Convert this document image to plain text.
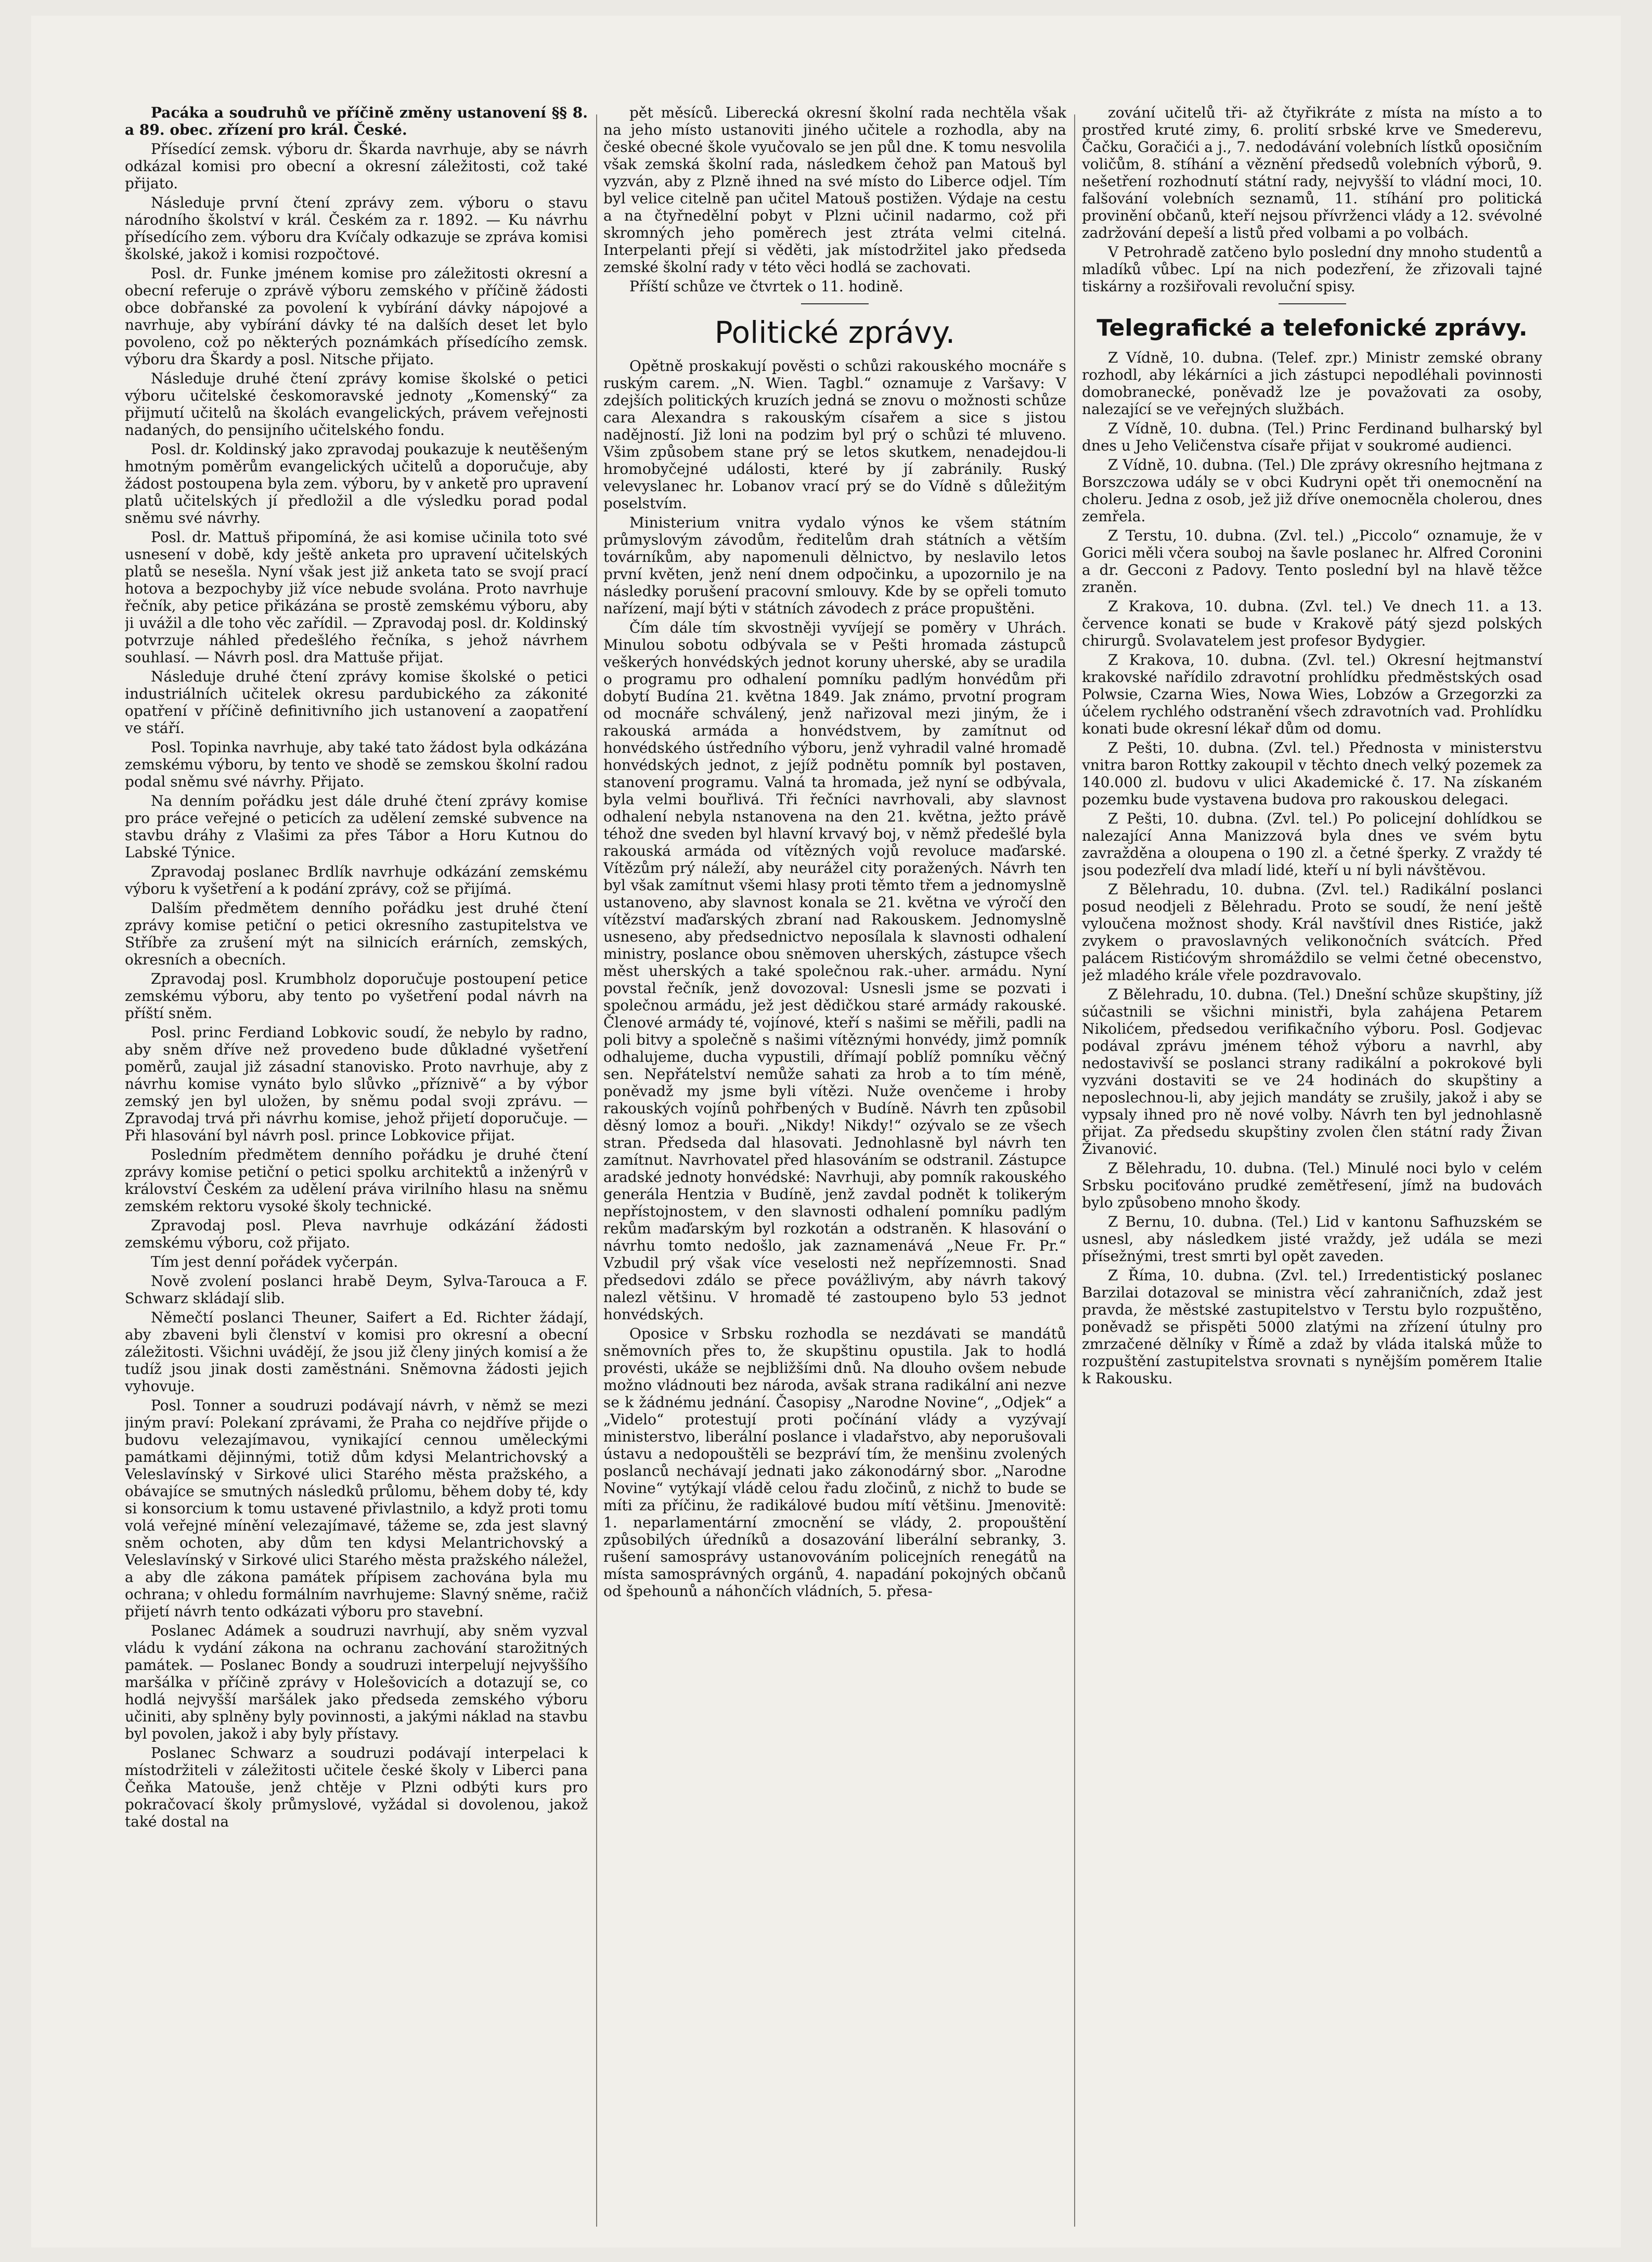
Pacáka a soudruhů ve příčině změny ustanovení §§ 8. a 89. obec. zřízení pro král. České.

Přísedící zemsk. výboru dr. Škarda navrhuje, aby se návrh odkázal komisi pro obecní a okresní záležitosti, což také přijato.

Následuje první čtení zprávy zem. výboru o stavu národního školství v král. Českém za r. 1892. — Ku návrhu přísedícího zem. výboru dra Kvíčaly odkazuje se zpráva komisi školské, jakož i komisi rozpočtové.

Posl. dr. Funke jménem komise pro záležitosti okresní a obecní referuje o zprávě výboru zemského v příčině žádosti obce dobřanské za povolení k vybírání dávky nápojové a navrhuje, aby vybírání dávky té na dalších deset let bylo povoleno, což po některých poznámkách přísedícího zemsk. výboru dra Škardy a posl. Nitsche přijato.

Následuje druhé čtení zprávy komise školské o petici výboru učitelské českomoravské jednoty „Komenský“ za přijmutí učitelů na školách evangelických, právem veřejnosti nadaných, do pensijního učitelského fondu.

Posl. dr. Koldinský jako zpravodaj poukazuje k neutěšeným hmotným poměrům evangelických učitelů a doporučuje, aby žádost postoupena byla zem. výboru, by v anketě pro upravení platů učitelských jí předložil a dle výsledku porad podal sněmu své návrhy.

Posl. dr. Mattuš připomíná, že asi komise učinila toto své usnesení v době, kdy ještě anketa pro upravení učitelských platů se nesešla. Nyní však jest již anketa tato se svojí prací hotova a bezpochyby již více nebude svolána. Proto navrhuje řečník, aby petice přikázána se prostě zemskému výboru, aby ji uvážil a dle toho věc zařídil. — Zpravodaj posl. dr. Koldinský potvrzuje náhled předešlého řečníka, s jehož návrhem souhlasí. — Návrh posl. dra Mattuše přijat.

Následuje druhé čtení zprávy komise školské o petici industriálních učitelek okresu pardubického za zákonité opatření v příčině definitivního jich ustanovení a zaopatření ve stáří.

Posl. Topinka navrhuje, aby také tato žádost byla odkázána zemskému výboru, by tento ve shodě se zemskou školní radou podal sněmu své návrhy. Přijato.

Na denním pořádku jest dále druhé čtení zprávy komise pro práce veřejné o peticích za udělení zemské subvence na stavbu dráhy z Vlašimi za přes Tábor a Horu Kutnou do Labské Týnice.

Zpravodaj poslanec Brdlík navrhuje odkázání zemskému výboru k vyšetření a k podání zprávy, což se přijímá.

Dalším předmětem denního pořádku jest druhé čtení zprávy komise petiční o petici okresního zastupitelstva ve Stříbře za zrušení mýt na silnicích erárních, zemských, okresních a obecních.

Zpravodaj posl. Krumbholz doporučuje postoupení petice zemskému výboru, aby tento po vyšetření podal návrh na příští sněm.

Posl. princ Ferdiand Lobkovic soudí, že nebylo by radno, aby sněm dříve než provedeno bude důkladné vyšetření poměrů, zaujal již zásadní stanovisko. Proto navrhuje, aby z návrhu komise vynáto bylo slůvko „příznivě“ a by výbor zemský jen byl uložen, by sněmu podal svoji zprávu. — Zpravodaj trvá při návrhu komise, jehož přijetí doporučuje. — Při hlasování byl návrh posl. prince Lobkovice přijat.

Posledním předmětem denního pořádku je druhé čtení zprávy komise petiční o petici spolku architektů a inženýrů v království Českém za udělení práva virilního hlasu na sněmu zemském rektoru vysoké školy technické.

Zpravodaj posl. Pleva navrhuje odkázání žádosti zemskému výboru, což přijato.

Tím jest denní pořádek vyčerpán.

Nově zvolení poslanci hrabě Deym, Sylva-Tarouca a F. Schwarz skládají slib.

Němečtí poslanci Theuner, Saifert a Ed. Richter žádají, aby zbaveni byli členství v komisi pro okresní a obecní záležitosti. Všichni uvádějí, že jsou již členy jiných komisí a že tudíž jsou jinak dosti zaměstnáni. Sněmovna žádosti jejich vyhovuje.

Posl. Tonner a soudruzi podávají návrh, v němž se mezi jiným praví: Polekaní zprávami, že Praha co nejdříve přijde o budovu velezajímavou, vynikající cennou uměleckými památkami dějinnými, totiž dům kdysi Melantrichovský a Veleslavínský v Sirkové ulici Starého města pražského, a obávajíce se smutných následků průlomu, během doby té, kdy si konsorcium k tomu ustavené přivlastnilo, a když proti tomu volá veřejné mínění velezajímavé, tážeme se, zda jest slavný sněm ochoten, aby dům ten kdysi Melantrichovský a Veleslavínský v Sirkové ulici Starého města pražského náležel, a aby dle zákona památek přípisem zachována byla mu ochrana; v ohledu formálním navrhujeme: Slavný sněme, račiž přijetí návrh tento odkázati výboru pro stavební.

Poslanec Adámek a soudruzi navrhují, aby sněm vyzval vládu k vydání zákona na ochranu zachování starožitných památek. — Poslanec Bondy a soudruzi interpelují nejvyššího maršálka v příčině zprávy v Holešovicích a dotazují se, co hodlá nejvyšší maršálek jako předseda zemského výboru učiniti, aby splněny byly povinnosti, a jakými náklad na stavbu byl povolen, jakož i aby byly přístavy.

Poslanec Schwarz a soudruzi podávají interpelaci k místodržiteli v záležitosti učitele české školy v Liberci pana Čeňka Matouše, jenž chtěje v Plzni odbýti kurs pro pokračovací školy průmyslové, vyžádal si dovolenou, jakož také dostal na

pět měsíců. Liberecká okresní školní rada nechtěla však na jeho místo ustanoviti jiného učitele a rozhodla, aby na české obecné škole vyučovalo se jen půl dne. K tomu nesvolila však zemská školní rada, následkem čehož pan Matouš byl vyzván, aby z Plzně ihned na své místo do Liberce odjel. Tím byl velice citelně pan učitel Matouš postižen. Výdaje na cestu a na čtyřnedělní pobyt v Plzni učinil nadarmo, což při skromných jeho poměrech jest ztráta velmi citelná. Interpelanti přejí si věděti, jak místodržitel jako předseda zemské školní rady v této věci hodlá se zachovati.

Příští schůze ve čtvrtek o 11. hodině.

Politické zprávy.

Opětně proskakují pověsti o schůzi rakouského mocnáře s ruským carem. „N. Wien. Tagbl.“ oznamuje z Varšavy: V zdejších politických kruzích jedná se znovu o možnosti schůze cara Alexandra s rakouským císařem a sice s jistou nadějností. Již loni na podzim byl prý o schůzi té mluveno. Všim způsobem stane prý se letos skutkem, nenadejdou-li hromobyčejné události, které by jí zabránily. Ruský velevyslanec hr. Lobanov vrací prý se do Vídně s důležitým poselstvím.

Ministerium vnitra vydalo výnos ke všem státním průmyslovým závodům, ředitelům drah státních a větším továrníkům, aby napomenuli dělnictvo, by neslavilo letos první květen, jenž není dnem odpočinku, a upozornilo je na následky porušení pracovní smlouvy. Kde by se opřeli tomuto nařízení, mají býti v státních závodech z práce propuštěni.

Čím dále tím skvostněji vyvíjejí se poměry v Uhrách. Minulou sobotu odbývala se v Pešti hromada zástupců veškerých honvédských jednot koruny uherské, aby se uradila o programu pro odhalení pomníku padlým honvédům při dobytí Budína 21. května 1849. Jak známo, prvotní program od mocnáře schválený, jenž nařizoval mezi jiným, že i rakouská armáda a honvédstvem, by zamítnut od honvédského ústředního výboru, jenž vyhradil valné hromadě honvédských jednot, z jejíž podnětu pomník byl postaven, stanovení programu. Valná ta hromada, jež nyní se odbývala, byla velmi bouřlivá. Tři řečníci navrhovali, aby slavnost odhalení nebyla nstanovena na den 21. května, ježto právě téhož dne sveden byl hlavní krvavý boj, v němž předešlé byla rakouská armáda od vítězných vojů revoluce maďarské. Vítězům prý náleží, aby neurážel city poražených. Návrh ten byl však zamítnut všemi hlasy proti těmto třem a jednomyslně ustanoveno, aby slavnost konala se 21. května ve výročí den vítězství maďarských zbraní nad Rakouskem. Jednomyslně usneseno, aby předsednictvo neposílala k slavnosti odhalení ministry, poslance obou sněmoven uherských, zástupce všech měst uherských a také společnou rak.-uher. armádu. Nyní povstal řečník, jenž dovozoval: Usnesli jsme se pozvati i společnou armádu, jež jest dědičkou staré armády rakouské. Členové armády té, vojínové, kteří s našimi se měřili, padli na poli bitvy a společně s našimi vítěznými honvédy, jimž pomník odhalujeme, ducha vypustili, dřímají poblíž pomníku věčný sen. Nepřátelství nemůže sahati za hrob a to tím méně, poněvadž my jsme byli vítězi. Nuže ovenčeme i hroby rakouských vojínů pohřbených v Budíně. Návrh ten způsobil děsný lomoz a bouři. „Nikdy! Nikdy!“ ozývalo se ze všech stran. Předseda dal hlasovati. Jednohlasně byl návrh ten zamítnut. Navrhovatel před hlasováním se odstranil. Zástupce aradské jednoty honvédské: Navrhuji, aby pomník rakouského generála Hentzia v Budíně, jenž zavdal podnět k tolikerým nepřístojnostem, v den slavnosti odhalení pomníku padlým rekům maďarským byl rozkotán a odstraněn. K hlasování o návrhu tomto nedošlo, jak zaznamenává „Neue Fr. Pr.“ Vzbudil prý však více veselosti než nepřízemnosti. Snad předsedovi zdálo se přece povážlivým, aby návrh takový nalezl většinu. V hromadě té zastoupeno bylo 53 jednot honvédských.

Oposice v Srbsku rozhodla se nezdávati se mandátů sněmovních přes to, že skupštinu opustila. Jak to hodlá provésti, ukáže se nejbližšími dnů. Na dlouho ovšem nebude možno vládnouti bez národa, avšak strana radikální ani nezve se k žádnému jednání. Časopisy „Narodne Novine“, „Odjek“ a „Videlo“ protestují proti počínání vlády a vyzývají ministerstvo, liberální poslance i vladařstvo, aby neporušovali ústavu a nedopouštěli se bezpráví tím, že menšinu zvolených poslanců nechávají jednati jako zákonodárný sbor. „Narodne Novine“ vytýkají vládě celou řadu zločinů, z nichž to bude se míti za příčinu, že radikálové budou mítí většinu. Jmenovitě: 1. neparlamentární zmocnění se vlády, 2. propouštění způsobilých úředníků a dosazování liberální sebranky, 3. rušení samosprávy ustanovováním policejních renegátů na místa samosprávných orgánů, 4. napadání pokojných občanů od špehounů a náhončích vládních, 5. přesa-

zování učitelů tři- až čtyřikráte z místa na místo a to prostřed kruté zimy, 6. prolití srbské krve ve Smederevu, Čačku, Goračići a j., 7. nedodávání volebních lístků oposičním voličům, 8. stíhání a věznění předsedů volebních výborů, 9. nešetření rozhodnutí státní rady, nejvyšší to vládní moci, 10. falšování volebních seznamů, 11. stíhání pro politická provinění občanů, kteří nejsou přívrženci vlády a 12. svévolné zadržování depeší a listů před volbami a po volbách.

V Petrohradě zatčeno bylo poslední dny mnoho studentů a mladíků vůbec. Lpí na nich podezření, že zřizovali tajné tiskárny a rozšiřovali revoluční spisy.

Telegrafické a telefonické zprávy.

Z Vídně, 10. dubna. (Telef. zpr.) Ministr zemské obrany rozhodl, aby lékárníci a jich zástupci nepodléhali povinnosti domobranecké, poněvadž lze je považovati za osoby, nalezající se ve veřejných službách.

Z Vídně, 10. dubna. (Tel.) Princ Ferdinand bulharský byl dnes u Jeho Veličenstva císaře přijat v soukromé audienci.

Z Vídně, 10. dubna. (Tel.) Dle zprávy okresního hejtmana z Borszczowa udály se v obci Kudryni opět tři onemocnění na choleru. Jedna z osob, jež již dříve onemocněla cholerou, dnes zemřela.

Z Terstu, 10. dubna. (Zvl. tel.) „Piccolo“ oznamuje, že v Gorici měli včera souboj na šavle poslanec hr. Alfred Coronini a dr. Gecconi z Padovy. Tento poslední byl na hlavě těžce zraněn.

Z Krakova, 10. dubna. (Zvl. tel.) Ve dnech 11. a 13. července konati se bude v Krakově pátý sjezd polských chirurgů. Svolavatelem jest profesor Bydygier.

Z Krakova, 10. dubna. (Zvl. tel.) Okresní hejtmanství krakovské nařídilo zdravotní prohlídku předměstských osad Polwsie, Czarna Wies, Nowa Wies, Lobzów a Grzegorzki za účelem rychlého odstranění všech zdravotních vad. Prohlídku konati bude okresní lékař dům od domu.

Z Pešti, 10. dubna. (Zvl. tel.) Přednosta v ministerstvu vnitra baron Rottky zakoupil v těchto dnech velký pozemek za 140.000 zl. budovu v ulici Akademické č. 17. Na získaném pozemku bude vystavena budova pro rakouskou delegaci.

Z Pešti, 10. dubna. (Zvl. tel.) Po policejní dohlídkou se nalezající Anna Manizzová byla dnes ve svém bytu zavražděna a oloupena o 190 zl. a četné šperky. Z vraždy té jsou podezřelí dva mladí lidé, kteří u ní byli návštěvou.

Z Bělehradu, 10. dubna. (Zvl. tel.) Radikální poslanci posud neodjeli z Bělehradu. Proto se soudí, že není ještě vyloučena možnost shody. Král navštívil dnes Ristiće, jakž zvykem o pravoslavných velikonočních svátcích. Před palácem Ristićovým shromáždilo se velmi četné obecenstvo, jež mladého krále vřele pozdravovalo.

Z Bělehradu, 10. dubna. (Tel.) Dnešní schůze skupštiny, jíž súčastnili se všichni ministři, byla zahájena Petarem Nikolićem, předsedou verifikačního výboru. Posl. Godjevac podával zprávu jménem téhož výboru a navrhl, aby nedostavivší se poslanci strany radikální a pokrokové byli vyzváni dostaviti se ve 24 hodinách do skupštiny a neposlechnou-li, aby jejich mandáty se zrušily, jakož i aby se vypsaly ihned pro ně nové volby. Návrh ten byl jednohlasně přijat. Za předsedu skupštiny zvolen člen státní rady Živan Živanović.

Z Bělehradu, 10. dubna. (Tel.) Minulé noci bylo v celém Srbsku pociťováno prudké zemětřesení, jímž na budovách bylo způsobeno mnoho škody.

Z Bernu, 10. dubna. (Tel.) Lid v kantonu Safhuzském se usnesl, aby následkem jisté vraždy, jež udála se mezi přísežnými, trest smrti byl opět zaveden.

Z Říma, 10. dubna. (Zvl. tel.) Irredentistický poslanec Barzilai dotazoval se ministra věcí zahraničních, zdaž jest pravda, že městské zastupitelstvo v Terstu bylo rozpuštěno, poněvadž se přispěti 5000 zlatými na zřízení útulny pro zmrzačené dělníky v Římě a zdaž by vláda italská může to rozpuštění zastupitelstva srovnati s nynějším poměrem Italie k Rakousku.
